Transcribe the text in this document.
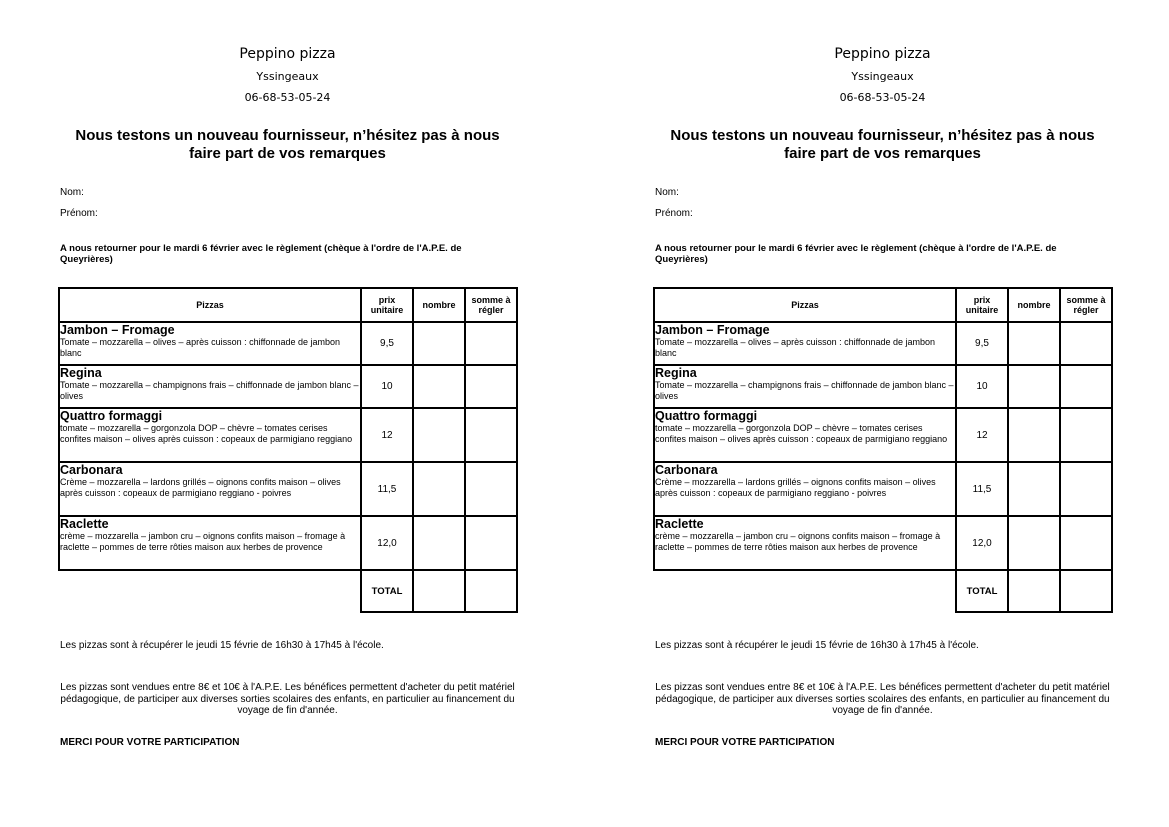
Peppino pizza
Yssingeaux
06-68-53-05-24
Nous testons un nouveau fournisseur, n’hésitez pas à nous faire part de vos remarques
Nom:
Prénom:
A nous retourner pour le mardi 6 février avec le règlement (chèque à l'ordre de l'A.P.E. de Queyrières)
Pizzas	prix unitaire	nombre	somme à régler

Jambon – Fromage
Tomate – mozzarella – olives – après cuisson : chiffonnade de jambon blanc	9,5		

Regina
Tomate – mozzarella – champignons frais – chiffonnade de jambon blanc – olives	10		

Quattro formaggi
tomate – mozzarella – gorgonzola DOP – chèvre – tomates cerises confites maison – olives après cuisson : copeaux de parmigiano reggiano	12		

Carbonara
Crème – mozzarella – lardons grillés – oignons confits maison – olives après cuisson : copeaux de parmigiano reggiano - poivres	11,5		

Raclette
crème – mozzarella – jambon cru – oignons confits maison – fromage à raclette – pommes de terre rôties maison aux herbes de provence	12,0		
	TOTAL		
Les pizzas sont à récupérer le jeudi 15 févrie de 16h30 à 17h45 à l'école.
Les pizzas sont vendues entre 8€ et 10€ à l'A.P.E. Les bénéfices permettent d'acheter du petit matériel pédagogique, de participer aux diverses sorties scolaires des enfants, en particulier au financement du voyage de fin d'année.
MERCI POUR VOTRE PARTICIPATION
Peppino pizza
Yssingeaux
06-68-53-05-24
Nous testons un nouveau fournisseur, n’hésitez pas à nous faire part de vos remarques
Nom:
Prénom:
A nous retourner pour le mardi 6 février avec le règlement (chèque à l'ordre de l'A.P.E. de Queyrières)
Pizzas	prix unitaire	nombre	somme à régler

Jambon – Fromage
Tomate – mozzarella – olives – après cuisson : chiffonnade de jambon blanc	9,5		

Regina
Tomate – mozzarella – champignons frais – chiffonnade de jambon blanc – olives	10		

Quattro formaggi
tomate – mozzarella – gorgonzola DOP – chèvre – tomates cerises confites maison – olives après cuisson : copeaux de parmigiano reggiano	12		

Carbonara
Crème – mozzarella – lardons grillés – oignons confits maison – olives après cuisson : copeaux de parmigiano reggiano - poivres	11,5		

Raclette
crème – mozzarella – jambon cru – oignons confits maison – fromage à raclette – pommes de terre rôties maison aux herbes de provence	12,0		
	TOTAL		
Les pizzas sont à récupérer le jeudi 15 févrie de 16h30 à 17h45 à l'école.
Les pizzas sont vendues entre 8€ et 10€ à l'A.P.E. Les bénéfices permettent d'acheter du petit matériel pédagogique, de participer aux diverses sorties scolaires des enfants, en particulier au financement du voyage de fin d'année.
MERCI POUR VOTRE PARTICIPATION
